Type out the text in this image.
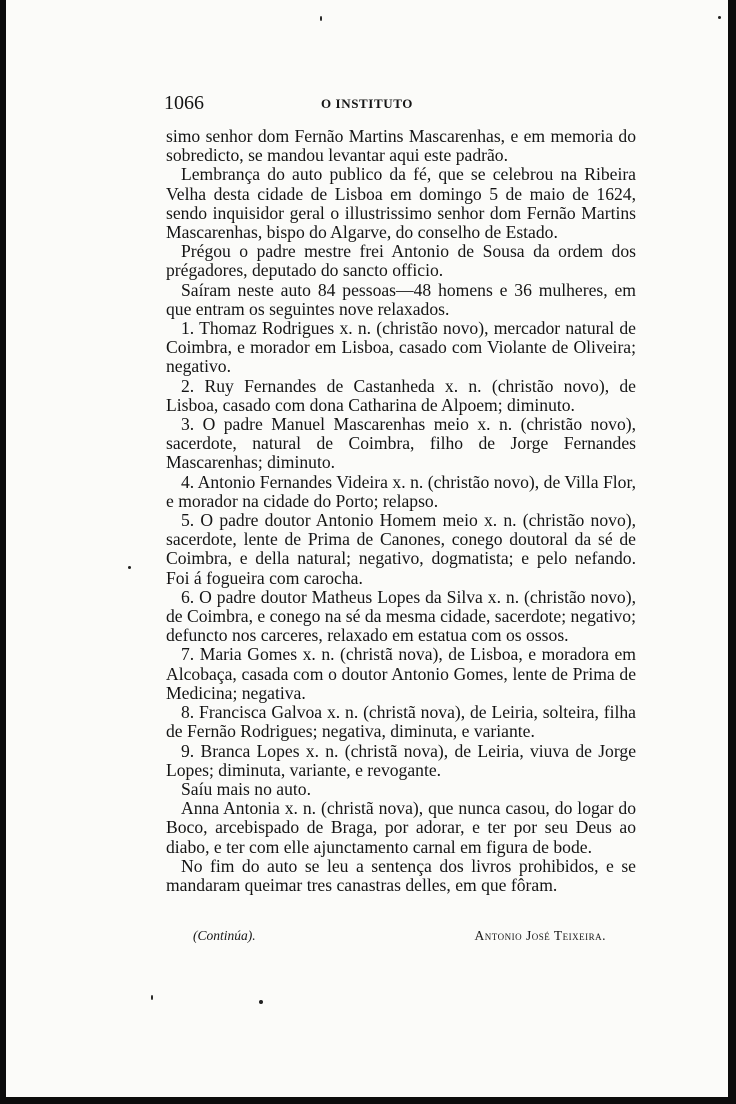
1066	O INSTITUTO

simo senhor dom Fernão Martins Mascarenhas, e em memoria do sobredicto, se mandou levantar aqui este padrão.

Lembrança do auto publico da fé, que se celebrou na Ribeira Velha desta cidade de Lisboa em domingo 5 de maio de 1624, sendo inquisidor geral o illustrissimo senhor dom Fernão Martins Mascarenhas, bispo do Algarve, do conselho de Estado.

Prégou o padre mestre frei Antonio de Sousa da ordem dos prégadores, deputado do sancto officio.

Saíram neste auto 84 pessoas—48 homens e 36 mulheres, em que entram os seguintes nove relaxados.

1. Thomaz Rodrigues x. n. (christão novo), mercador natural de Coimbra, e morador em Lisboa, casado com Violante de Oliveira; negativo.

2. Ruy Fernandes de Castanheda x. n. (christão novo), de Lisboa, casado com dona Catharina de Alpoem; diminuto.

3. O padre Manuel Mascarenhas meio x. n. (christão novo), sacerdote, natural de Coimbra, filho de Jorge Fernandes Mascarenhas; diminuto.

4. Antonio Fernandes Videira x. n. (christão novo), de Villa Flor, e morador na cidade do Porto; relapso.

5. O padre doutor Antonio Homem meio x. n. (christão novo), sacerdote, lente de Prima de Canones, conego doutoral da sé de Coimbra, e della natural; negativo, dogmatista; e pelo nefando. Foi á fogueira com carocha.

6. O padre doutor Matheus Lopes da Silva x. n. (christão novo), de Coimbra, e conego na sé da mesma cidade, sacerdote; negativo; defuncto nos carceres, relaxado em estatua com os ossos.

7. Maria Gomes x. n. (christã nova), de Lisboa, e moradora em Alcobaça, casada com o doutor Antonio Gomes, lente de Prima de Medicina; negativa.

8. Francisca Galvoa x. n. (christã nova), de Leiria, solteira, filha de Fernão Rodrigues; negativa, diminuta, e variante.

9. Branca Lopes x. n. (christã nova), de Leiria, viuva de Jorge Lopes; diminuta, variante, e revogante.

Saíu mais no auto.

Anna Antonia x. n. (christã nova), que nunca casou, do logar do Boco, arcebispado de Braga, por adorar, e ter por seu Deus ao diabo, e ter com elle ajunctamento carnal em figura de bode.

No fim do auto se leu a sentença dos livros prohibidos, e se mandaram queimar tres canastras delles, em que fôram.

(Continúa).	Antonio José Teixeira.
